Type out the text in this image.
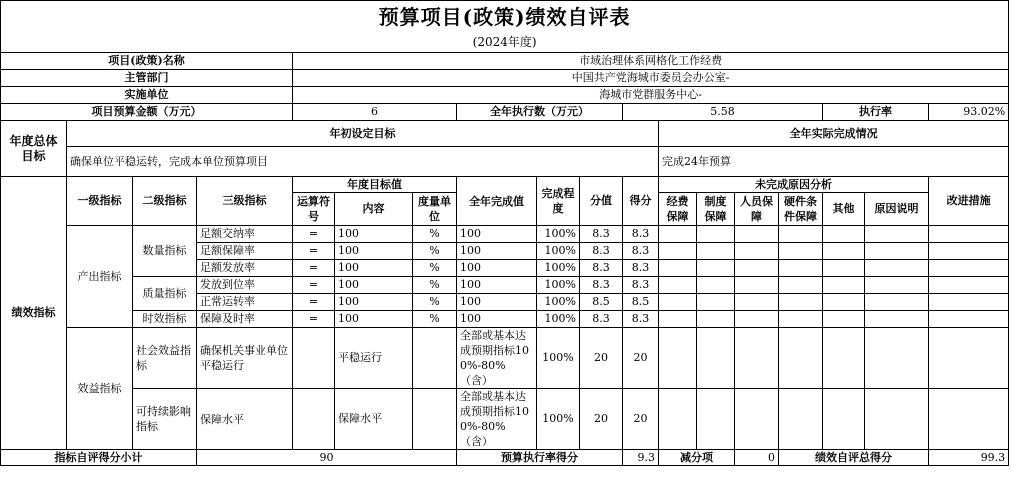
预算项目(政策)绩效自评表																	
(2024年度)																	
项目(政策)名称				市域治理体系网格化工作经费													
主管部门				中国共产党海城市委员会办公室-													
实施单位				海城市党群服务中心-													
项目预算金额（万元）				6			全年执行数（万元）			5.58					执行率		93.02%
年度总体目标	年初设定目标										全年实际完成情况						
	确保单位平稳运转，完成本单位预算项目										完成24年预算						
绩效指标	一级指标	二级指标	三级指标	年度目标值			全年完成值	完成程度	分值	得分	未完成原因分析						改进措施
				运算符号	内容	度量单位					经费保障	制度保障	人员保障	硬件条件保障	其他	原因说明	

	产出指标	数量指标	足额交纳率	=	100	%	100	100%	8.3	8.3							
			足额保障率	=	100	%	100	100%	8.3	8.3							
			足额发放率	=	100	%	100	100%	8.3	8.3							
		质量指标	发放到位率	=	100	%	100	100%	8.3	8.3							
			正常运转率	=	100	%	100	100%	8.5	8.5							
		时效指标	保障及时率	=	100	%	100	100%	8.3	8.3							
	效益指标	社会效益指标	确保机关事业单位平稳运行		平稳运行		全部或基本达成预期指标100%-80%（含）	100%	20	20							
		可持续影响指标	保障水平		保障水平		全部或基本达成预期指标100%-80%（含）	100%	20	20							
指标自评得分小计			90				预算执行率得分			9.3	减分项		0	绩效自评总得分			99.3
